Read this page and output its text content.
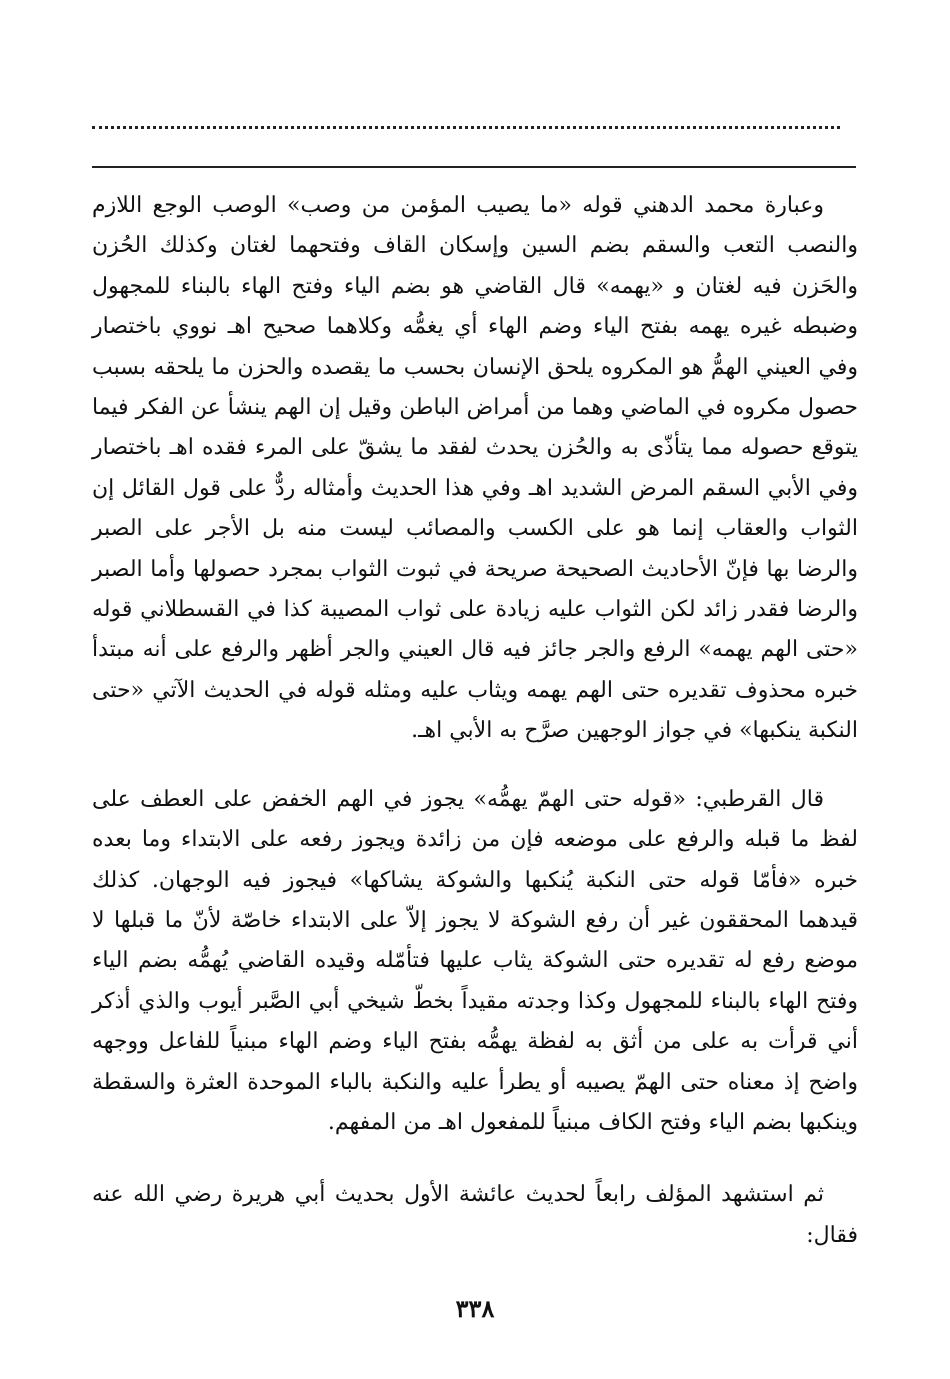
وعبارة محمد الدهني قوله «ما يصيب المؤمن من وصب» الوصب الوجع اللازم والنصب التعب والسقم بضم السين وإسكان القاف وفتحهما لغتان وكذلك الحُزن والحَزن فيه لغتان و «يهمه» قال القاضي هو بضم الياء وفتح الهاء بالبناء للمجهول وضبطه غيره يهمه بفتح الياء وضم الهاء أي يغمُّه وكلاهما صحيح اهـ نووي باختصار وفي العيني الهمُّ هو المكروه يلحق الإنسان بحسب ما يقصده والحزن ما يلحقه بسبب حصول مكروه في الماضي وهما من أمراض الباطن وقيل إن الهم ينشأ عن الفكر فيما يتوقع حصوله مما يتأذّى به والحُزن يحدث لفقد ما يشقّ على المرء فقده اهـ باختصار وفي الأبي السقم المرض الشديد اهـ وفي هذا الحديث وأمثاله ردٌّ على قول القائل إن الثواب والعقاب إنما هو على الكسب والمصائب ليست منه بل الأجر على الصبر والرضا بها فإنّ الأحاديث الصحيحة صريحة في ثبوت الثواب بمجرد حصولها وأما الصبر والرضا فقدر زائد لكن الثواب عليه زيادة على ثواب المصيبة كذا في القسطلاني قوله «حتى الهم يهمه» الرفع والجر جائز فيه قال العيني والجر أظهر والرفع على أنه مبتدأ خبره محذوف تقديره حتى الهم يهمه ويثاب عليه ومثله قوله في الحديث الآتي «حتى النكبة ينكبها» في جواز الوجهين صرَّح به الأبي اهـ.

قال القرطبي: «قوله حتى الهمّ يهمُّه» يجوز في الهم الخفض على العطف على لفظ ما قبله والرفع على موضعه فإن من زائدة ويجوز رفعه على الابتداء وما بعده خبره «فأمّا قوله حتى النكبة يُنكبها والشوكة يشاكها» فيجوز فيه الوجهان. كذلك قيدهما المحققون غير أن رفع الشوكة لا يجوز إلاّ على الابتداء خاصّة لأنّ ما قبلها لا موضع رفع له تقديره حتى الشوكة يثاب عليها فتأمّله وقيده القاضي يُهمُّه بضم الياء وفتح الهاء بالبناء للمجهول وكذا وجدته مقيداً بخطّ شيخي أبي الصَّبر أيوب والذي أذكر أني قرأت به على من أثق به لفظة يهمُّه بفتح الياء وضم الهاء مبنياً للفاعل ووجهه واضح إذ معناه حتى الهمّ يصيبه أو يطرأ عليه والنكبة بالباء الموحدة العثرة والسقطة وينكبها بضم الياء وفتح الكاف مبنياً للمفعول اهـ من المفهم.

ثم استشهد المؤلف رابعاً لحديث عائشة الأول بحديث أبي هريرة رضي الله عنه فقال:

٣٣٨
